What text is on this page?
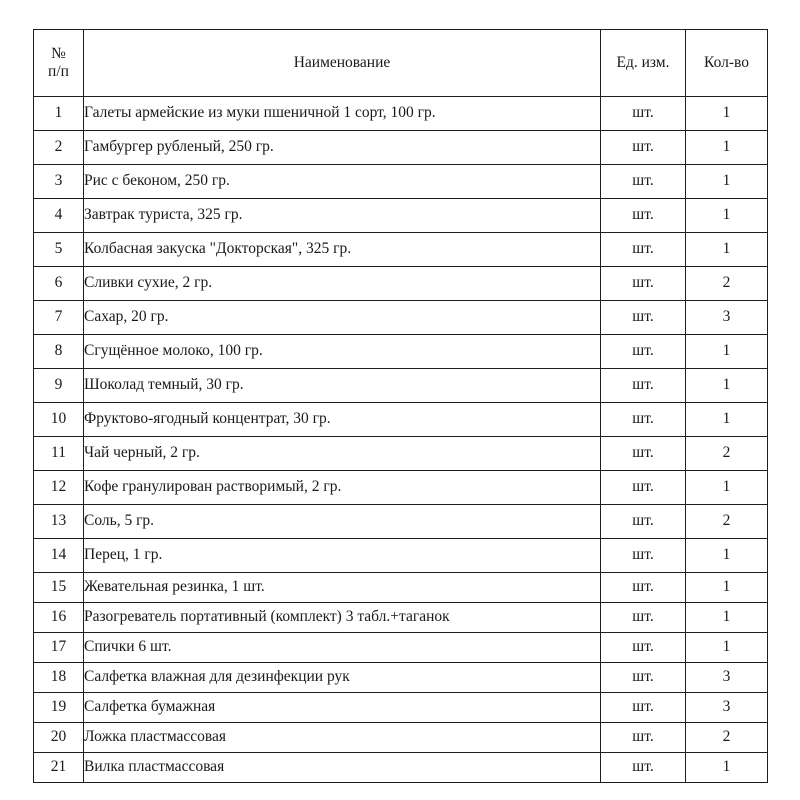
№
п/п	Наименование	Ед. изм.	Кол-во
1	Галеты армейские из муки пшеничной 1 сорт, 100 гр.	шт.	1
2	Гамбургер рубленый, 250 гр.	шт.	1
3	Рис с беконом, 250 гр.	шт.	1
4	Завтрак туриста, 325 гр.	шт.	1
5	Колбасная закуска "Докторская", 325 гр.	шт.	1
6	Сливки сухие, 2 гр.	шт.	2
7	Сахар, 20 гр.	шт.	3
8	Сгущённое молоко, 100 гр.	шт.	1
9	Шоколад темный, 30 гр.	шт.	1
10	Фруктово-ягодный концентрат, 30 гр.	шт.	1
11	Чай черный, 2 гр.	шт.	2
12	Кофе гранулирован растворимый, 2 гр.	шт.	1
13	Соль, 5 гр.	шт.	2
14	Перец, 1 гр.	шт.	1
15	Жевательная резинка, 1 шт.	шт.	1
16	Разогреватель портативный (комплект) 3 табл.+таганок	шт.	1
17	Спички 6 шт.	шт.	1
18	Салфетка влажная для дезинфекции рук	шт.	3
19	Салфетка бумажная	шт.	3
20	Ложка пластмассовая	шт.	2
21	Вилка пластмассовая	шт.	1
